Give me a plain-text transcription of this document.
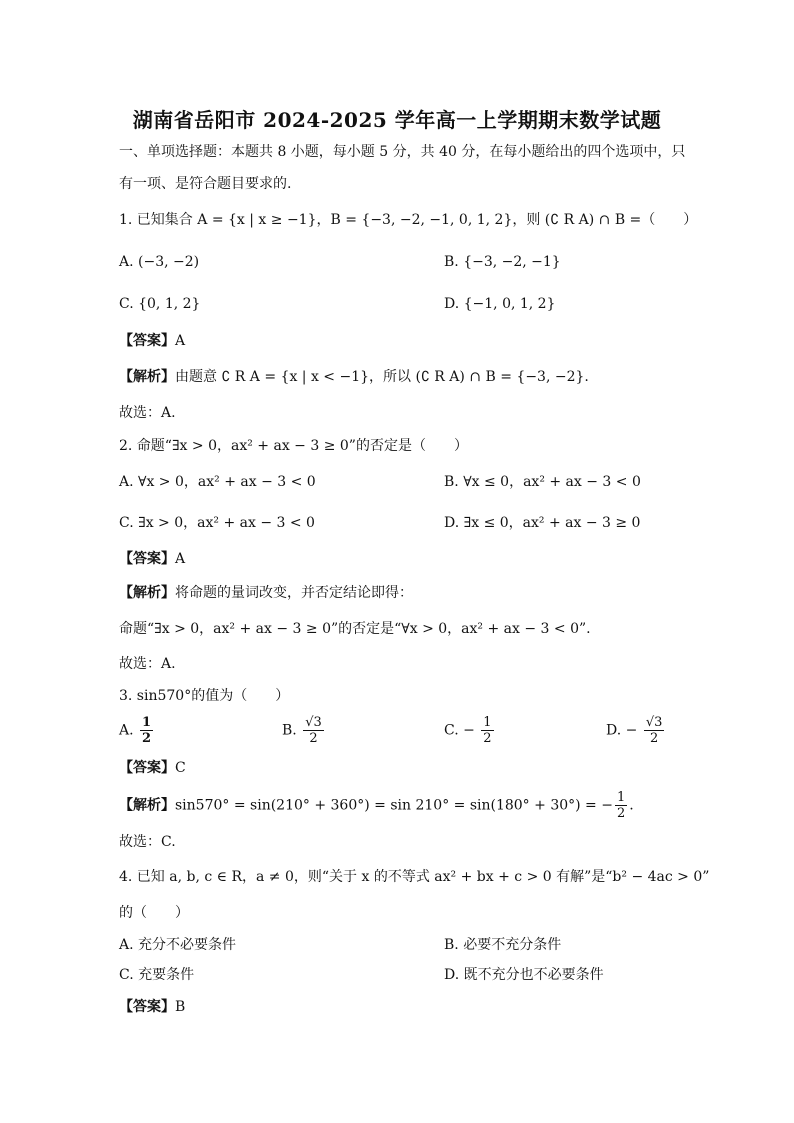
湖南省岳阳市 2024-2025 学年高一上学期期末数学试题
一、单项选择题：本题共 8 小题，每小题 5 分，共 40 分，在每小题给出的四个选项中，只
有一项、是符合题目要求的.
1. 已知集合 A = {x | x ≥ −1}，B = {−3, −2, −1, 0, 1, 2}，则 (∁ R A) ∩ B =（　　）
A. (−3, −2)	B. {−3, −2, −1}
C. {0, 1, 2}	D. {−1, 0, 1, 2}
【答案】A
【解析】由题意 ∁ R A = {x | x < −1}，所以 (∁ R A) ∩ B = {−3, −2}.
故选：A.
2. 命题“∃x > 0，ax² + ax − 3 ≥ 0”的否定是（　　）
A. ∀x > 0，ax² + ax − 3 < 0	B. ∀x ≤ 0，ax² + ax − 3 < 0
C. ∃x > 0，ax² + ax − 3 < 0	D. ∃x ≤ 0，ax² + ax − 3 ≥ 0
【答案】A
【解析】将命题的量词改变，并否定结论即得：
命题“∃x > 0，ax² + ax − 3 ≥ 0”的否定是“∀x > 0，ax² + ax − 3 < 0”.
故选：A.
3. sin570°的值为（　　）
A. $\frac{1}{2}$	B. $\frac{√3}{2}$	C. − $\frac{1}{2}$	D. − $\frac{√3}{2}$
【答案】C
【解析】sin570° = sin(210° + 360°) = sin 210° = sin(180° + 30°) = − $\frac{1}{2}$ .
故选：C.
4. 已知 a, b, c ∈ R，a ≠ 0，则“关于 x 的不等式 ax² + bx + c > 0 有解”是“b² − 4ac > 0”
的（　　）
A. 充分不必要条件	B. 必要不充分条件
C. 充要条件	D. 既不充分也不必要条件
【答案】B
